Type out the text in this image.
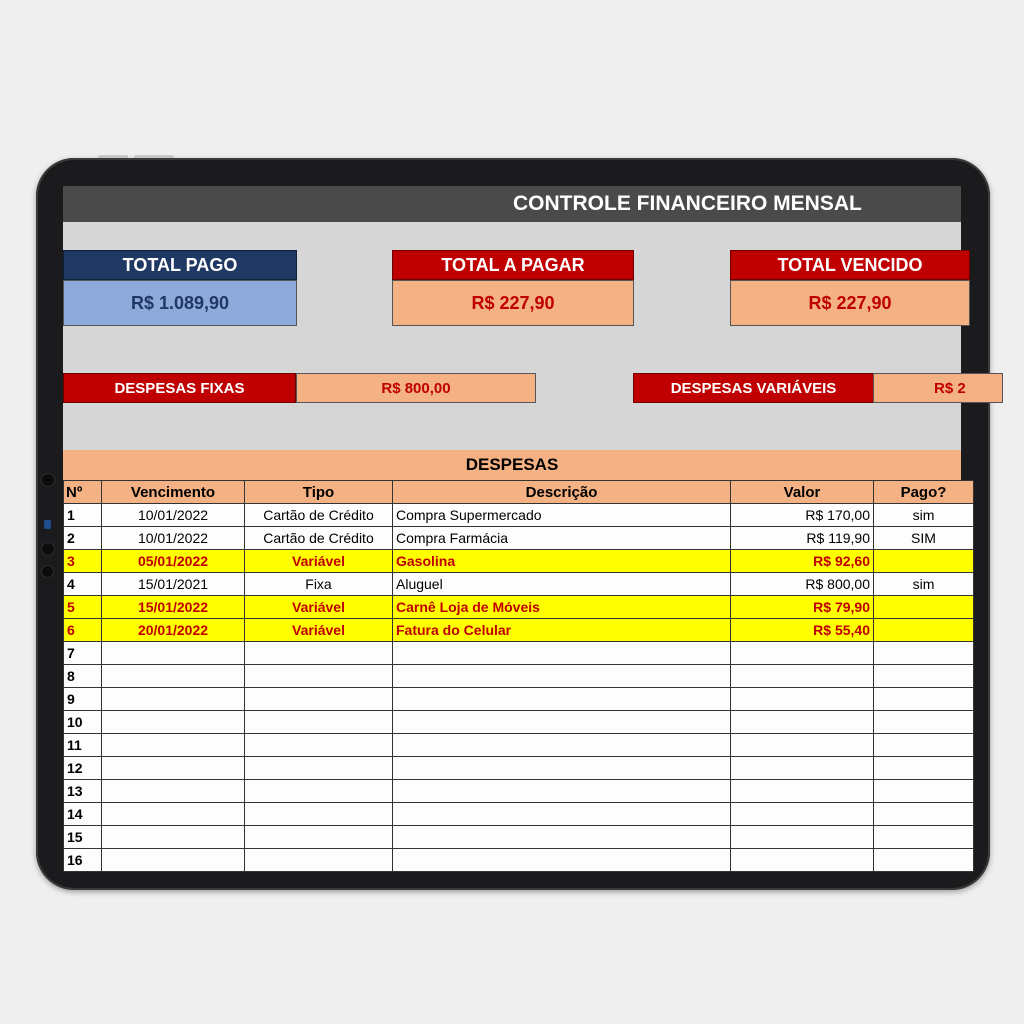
CONTROLE FINANCEIRO MENSAL
TOTAL PAGO
R$ 1.089,90
TOTAL A PAGAR
R$ 227,90
TOTAL VENCIDO
R$ 227,90
DESPESAS FIXAS	R$ 800,00	DESPESAS VARIÁVEIS	R$ 2
DESPESAS
Nº	Vencimento	Tipo	Descrição	Valor	Pago?
1	10/01/2022	Cartão de Crédito	Compra Supermercado	R$ 170,00	sim
2	10/01/2022	Cartão de Crédito	Compra Farmácia	R$ 119,90	SIM
3	05/01/2022	Variável	Gasolina	R$ 92,60	
4	15/01/2021	Fixa	Aluguel	R$ 800,00	sim
5	15/01/2022	Variável	Carnê Loja de Móveis	R$ 79,90	
6	20/01/2022	Variável	Fatura do Celular	R$ 55,40	
7					
8					
9					
10					
11					
12					
13					
14					
15					
16					
